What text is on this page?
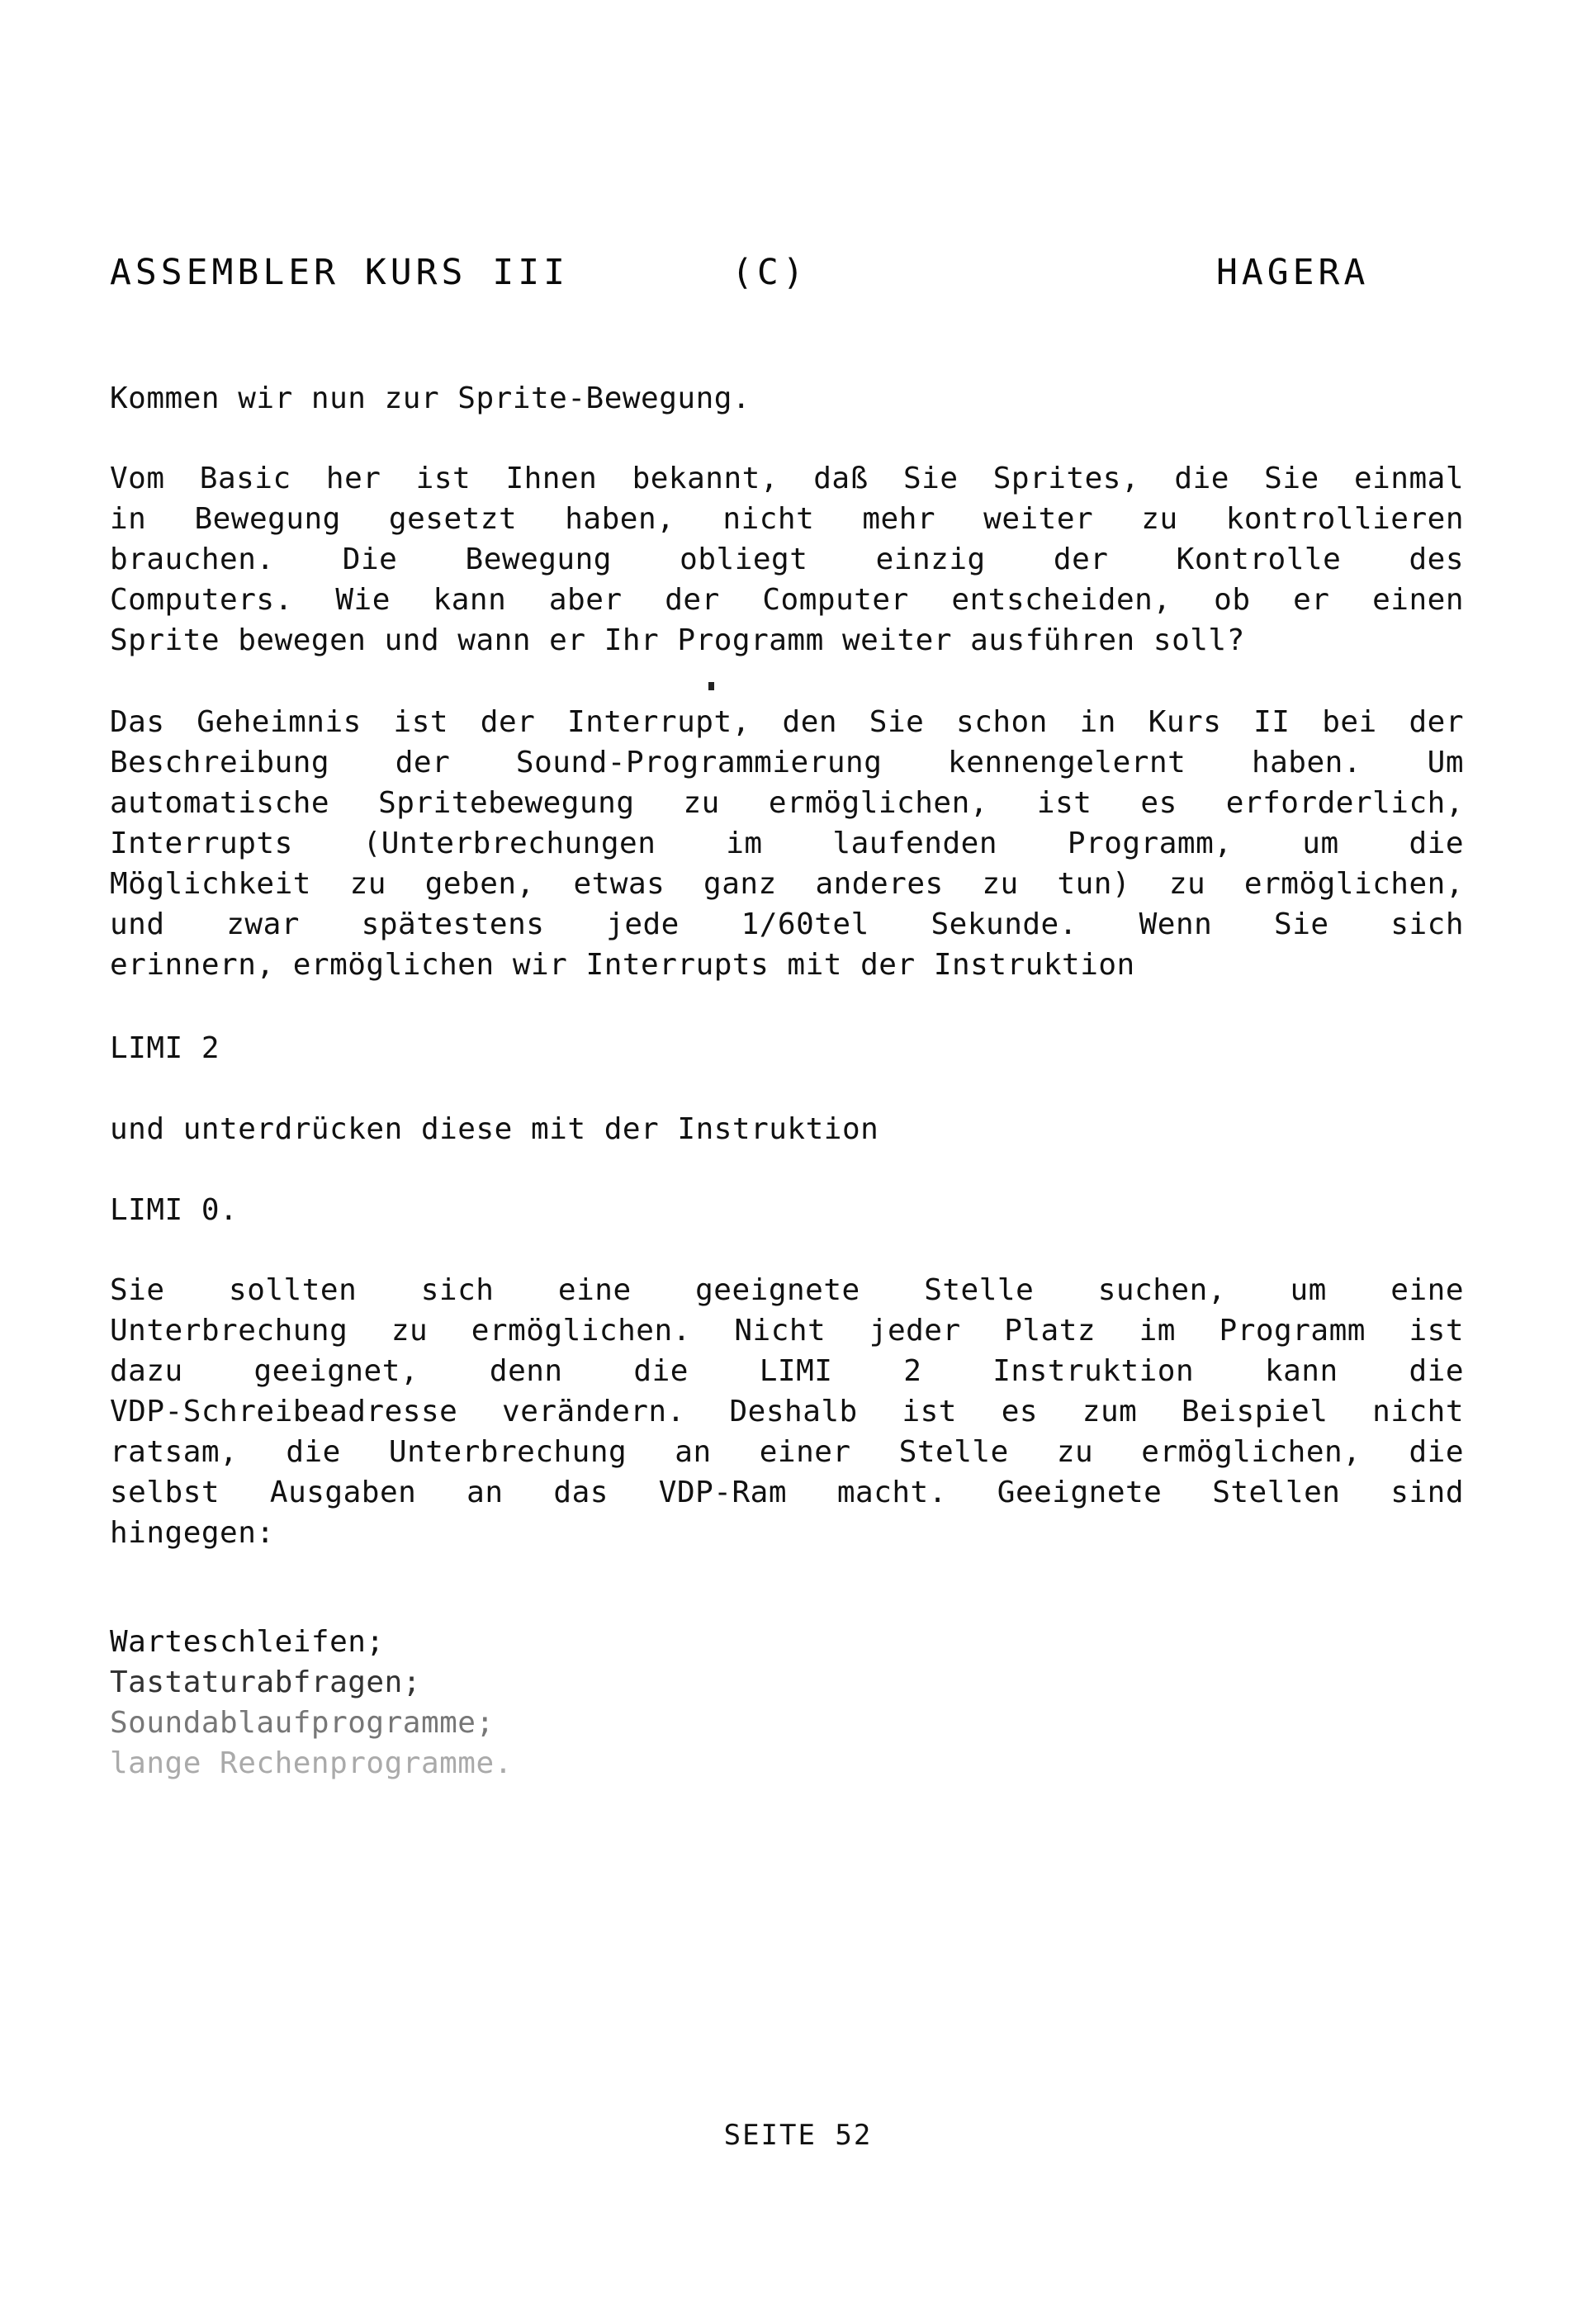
ASSEMBLER KURS III	(C)	HAGERA
Kommen wir nun zur Sprite-Bewegung.
Vom Basic her ist Ihnen bekannt, daß Sie Sprites, die Sie einmal
in Bewegung gesetzt haben, nicht mehr weiter zu kontrollieren
brauchen. Die Bewegung obliegt einzig der Kontrolle des
Computers. Wie kann aber der Computer entscheiden, ob er einen
Sprite bewegen und wann er Ihr Programm weiter ausführen soll?
Das Geheimnis ist der Interrupt, den Sie schon in Kurs II bei der
Beschreibung der Sound-Programmierung kennengelernt haben. Um
automatische Spritebewegung zu ermöglichen, ist es erforderlich,
Interrupts (Unterbrechungen im laufenden Programm, um die
Möglichkeit zu geben, etwas ganz anderes zu tun) zu ermöglichen,
und zwar spätestens jede 1/60tel Sekunde. Wenn Sie sich
erinnern, ermöglichen wir Interrupts mit der Instruktion
LIMI 2
und unterdrücken diese mit der Instruktion
LIMI 0.
Sie sollten sich eine geeignete Stelle suchen, um eine
Unterbrechung zu ermöglichen. Nicht jeder Platz im Programm ist
dazu geeignet, denn die LIMI 2 Instruktion kann die
VDP-Schreibeadresse verändern. Deshalb ist es zum Beispiel nicht
ratsam, die Unterbrechung an einer Stelle zu ermöglichen, die
selbst Ausgaben an das VDP-Ram macht. Geeignete Stellen sind
hingegen:
Warteschleifen;
Tastaturabfragen;
Soundablaufprogramme;
lange Rechenprogramme.
SEITE 52
